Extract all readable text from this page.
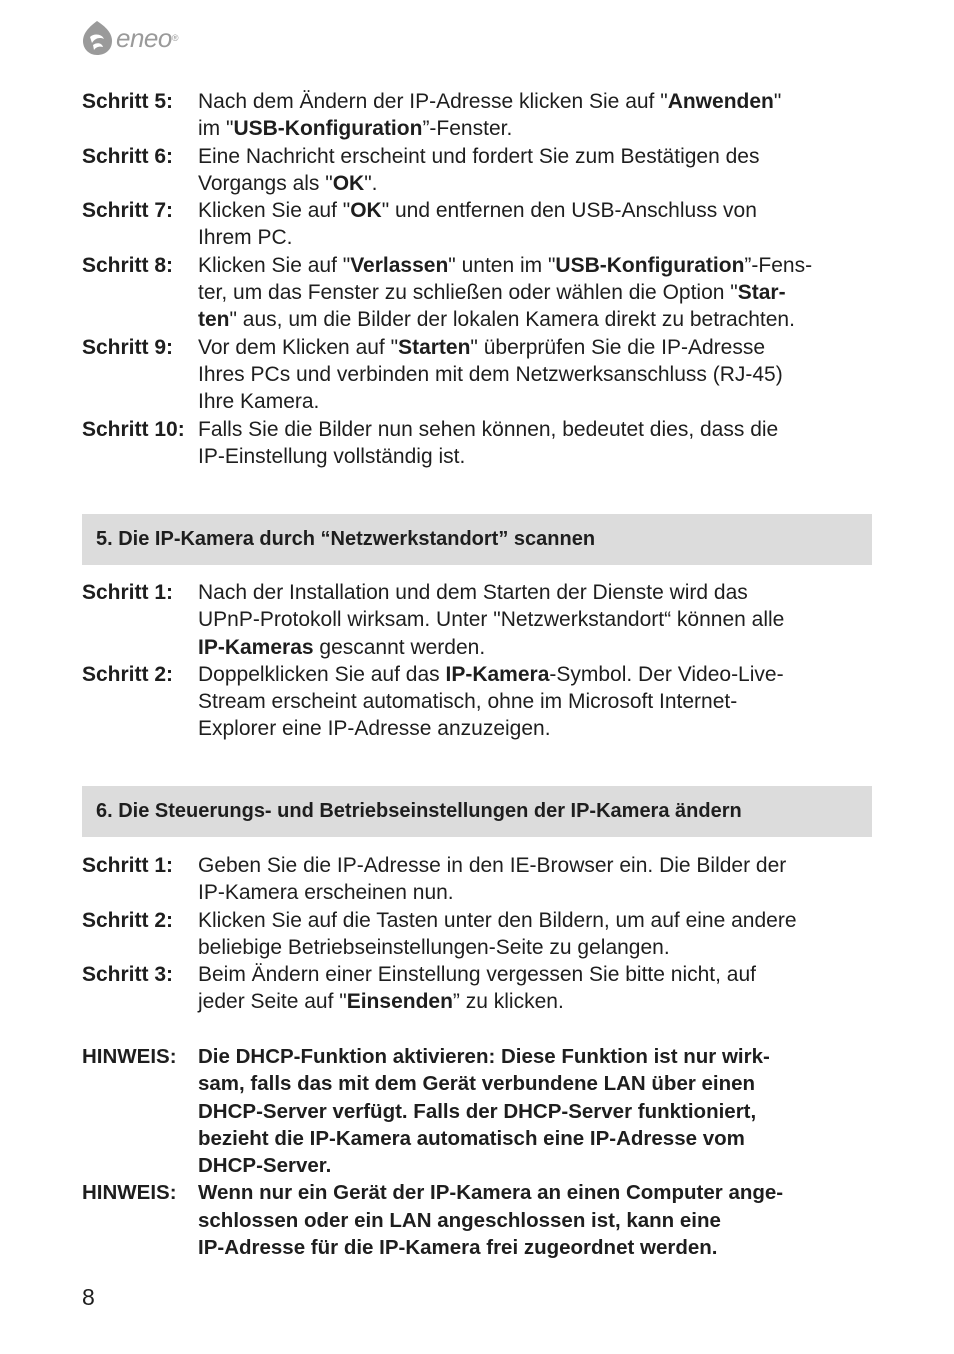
eneo ®
Schritt 5:	Nach dem Ändern der IP-Adresse klicken Sie auf "Anwenden"
im "USB-Konfiguration”-Fenster.
Schritt 6:	Eine Nachricht erscheint und fordert Sie zum Bestätigen des
Vorgangs als "OK".
Schritt 7:	Klicken Sie auf "OK" und entfernen den USB-Anschluss von
Ihrem PC.
Schritt 8:	Klicken Sie auf "Verlassen" unten im "USB-Konfiguration”-Fens-
ter, um das Fenster zu schließen oder wählen die Option "Star-
ten" aus, um die Bilder der lokalen Kamera direkt zu betrachten.
Schritt 9:	Vor dem Klicken auf "Starten" überprüfen Sie die IP-Adresse
Ihres PCs und verbinden mit dem Netzwerksanschluss (RJ-45)
Ihre Kamera.
Schritt 10: Falls Sie die Bilder nun sehen können, bedeutet dies, dass die
IP-Einstellung vollständig ist.
5. Die IP-Kamera durch “Netzwerkstandort” scannen
Schritt 1:	Nach der Installation und dem Starten der Dienste wird das
UPnP-Protokoll wirksam. Unter "Netzwerkstandort“ können alle
IP-Kameras gescannt werden.
Schritt 2:	Doppelklicken Sie auf das IP-Kamera-Symbol. Der Video-Live-
Stream erscheint automatisch, ohne im Microsoft Internet-
Explorer eine IP-Adresse anzuzeigen.
6. Die Steuerungs- und Betriebseinstellungen der IP-Kamera ändern
Schritt 1:	Geben Sie die IP-Adresse in den IE-Browser ein. Die Bilder der
IP-Kamera erscheinen nun.
Schritt 2:	Klicken Sie auf die Tasten unter den Bildern, um auf eine andere
beliebige Betriebseinstellungen-Seite zu gelangen.
Schritt 3:	Beim Ändern einer Einstellung vergessen Sie bitte nicht, auf
jeder Seite auf "Einsenden” zu klicken.
HINWEIS:	Die DHCP-Funktion aktivieren: Diese Funktion ist nur wirk-
sam, falls das mit dem Gerät verbundene LAN über einen
DHCP-Server verfügt. Falls der DHCP-Server funktioniert,
bezieht die IP-Kamera automatisch eine IP-Adresse vom
DHCP-Server.
HINWEIS:	Wenn nur ein Gerät der IP-Kamera an einen Computer ange-
schlossen oder ein LAN angeschlossen ist, kann eine
IP-Adresse für die IP-Kamera frei zugeordnet werden.
8
